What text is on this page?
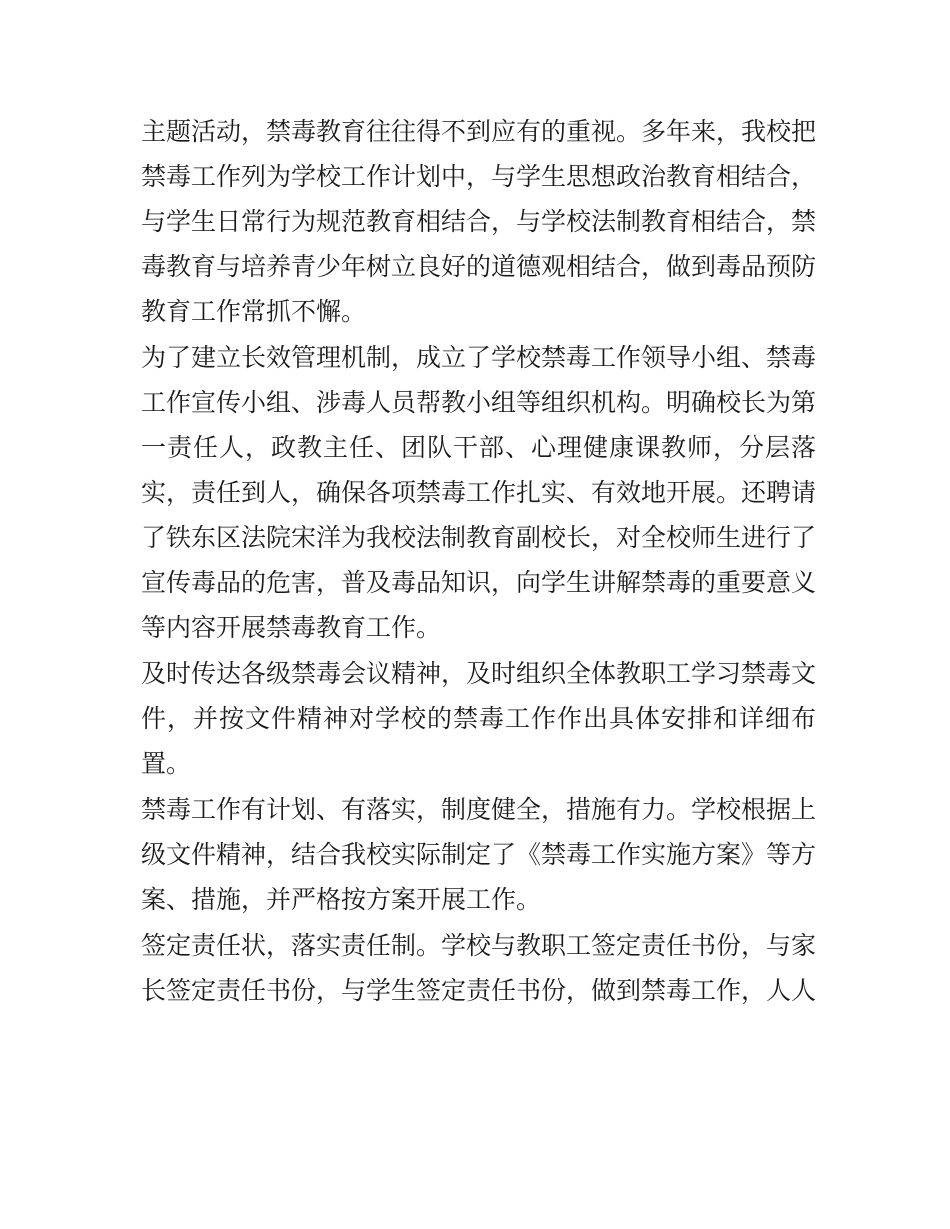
主题活动，禁毒教育往往得不到应有的重视。多年来，我校把禁毒工作列为学校工作计划中，与学生思想政治教育相结合，与学生日常行为规范教育相结合，与学校法制教育相结合，禁毒教育与培养青少年树立良好的道德观相结合，做到毒品预防教育工作常抓不懈。

为了建立长效管理机制，成立了学校禁毒工作领导小组、禁毒工作宣传小组、涉毒人员帮教小组等组织机构。明确校长为第一责任人，政教主任、团队干部、心理健康课教师，分层落实，责任到人，确保各项禁毒工作扎实、有效地开展。还聘请了铁东区法院宋洋为我校法制教育副校长，对全校师生进行了宣传毒品的危害，普及毒品知识，向学生讲解禁毒的重要意义等内容开展禁毒教育工作。

及时传达各级禁毒会议精神，及时组织全体教职工学习禁毒文件，并按文件精神对学校的禁毒工作作出具体安排和详细布置。

禁毒工作有计划、有落实，制度健全，措施有力。学校根据上级文件精神，结合我校实际制定了《禁毒工作实施方案》等方案、措施，并严格按方案开展工作。

签定责任状，落实责任制。学校与教职工签定责任书份，与家长签定责任书份，与学生签定责任书份，做到禁毒工作，人人
